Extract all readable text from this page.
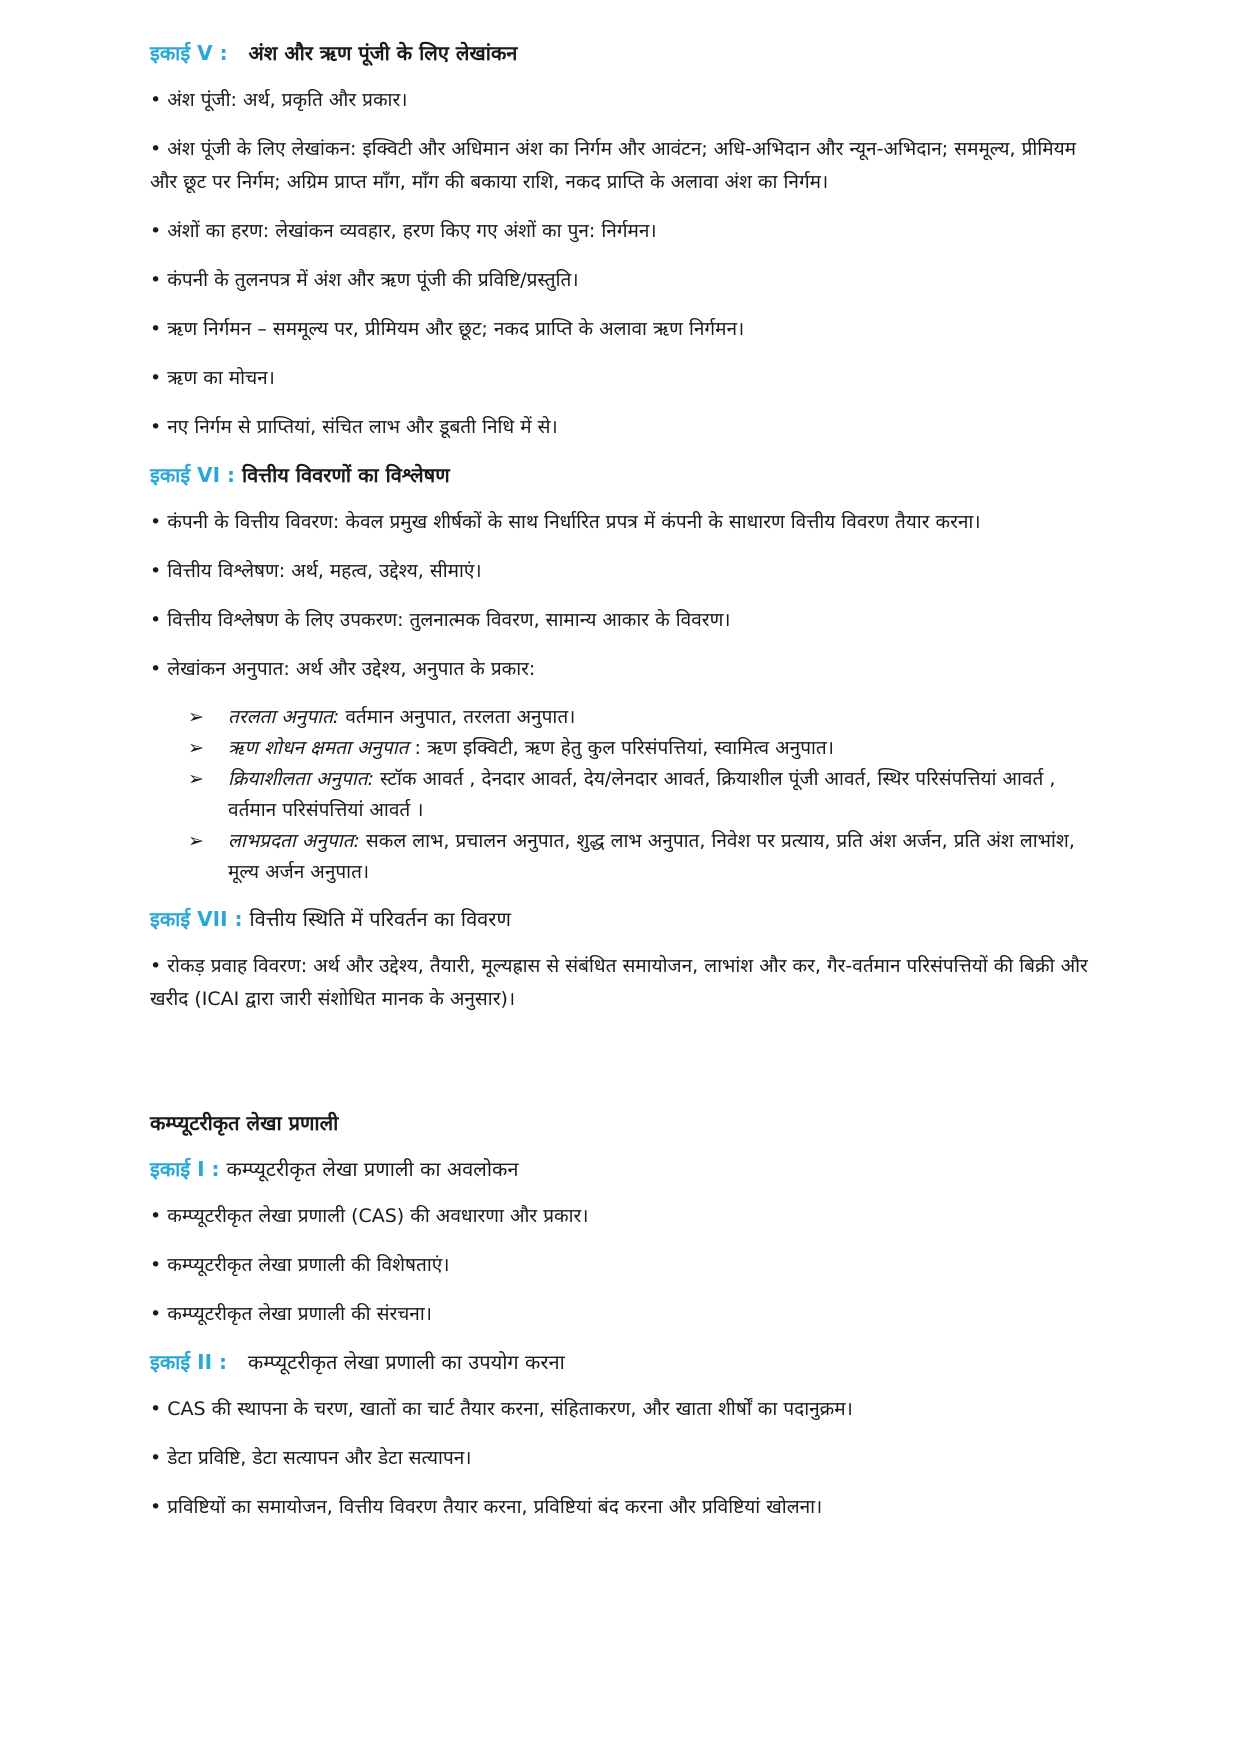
इकाई V : अंश और ऋण पूंजी के लिए लेखांकन

• अंश पूंजी: अर्थ, प्रकृति और प्रकार।

• अंश पूंजी के लिए लेखांकन: इक्विटी और अधिमान अंश का निर्गम और आवंटन; अधि-अभिदान और न्यून-अभिदान; सममूल्य, प्रीमियम और छूट पर निर्गम; अग्रिम प्राप्त माँग, माँग की बकाया राशि, नकद प्राप्ति के अलावा अंश का निर्गम।

• अंशों का हरण: लेखांकन व्यवहार, हरण किए गए अंशों का पुन: निर्गमन।

• कंपनी के तुलनपत्र में अंश और ऋण पूंजी की प्रविष्टि/प्रस्तुति।

• ऋण निर्गमन – सममूल्य पर, प्रीमियम और छूट; नकद प्राप्ति के अलावा ऋण निर्गमन।

• ऋण का मोचन।

• नए निर्गम से प्राप्तियां, संचित लाभ और डूबती निधि में से।

इकाई VI : वित्तीय विवरणों का विश्लेषण

• कंपनी के वित्तीय विवरण: केवल प्रमुख शीर्षकों के साथ निर्धारित प्रपत्र में कंपनी के साधारण वित्तीय विवरण तैयार करना।

• वित्तीय विश्लेषण: अर्थ, महत्व, उद्देश्य, सीमाएं।

• वित्तीय विश्लेषण के लिए उपकरण: तुलनात्मक विवरण, सामान्य आकार के विवरण।

• लेखांकन अनुपात: अर्थ और उद्देश्य, अनुपात के प्रकार:

➢ तरलता अनुपात: वर्तमान अनुपात, तरलता अनुपात।
➢ ऋण शोधन क्षमता अनुपात : ऋण इक्विटी, ऋण हेतु कुल परिसंपत्तियां, स्वामित्व अनुपात।
➢ क्रियाशीलता अनुपात: स्टॉक आवर्त , देनदार आवर्त, देय/लेनदार आवर्त, क्रियाशील पूंजी आवर्त, स्थिर परिसंपत्तियां आवर्त , वर्तमान परिसंपत्तियां आवर्त ।
➢ लाभप्रदता अनुपात: सकल लाभ, प्रचालन अनुपात, शुद्ध लाभ अनुपात, निवेश पर प्रत्याय, प्रति अंश अर्जन, प्रति अंश लाभांश, मूल्य अर्जन अनुपात।

इकाई VII : वित्तीय स्थिति में परिवर्तन का विवरण

• रोकड़ प्रवाह विवरण: अर्थ और उद्देश्य, तैयारी, मूल्यह्रास से संबंधित समायोजन, लाभांश और कर, गैर-वर्तमान परिसंपत्तियों की बिक्री और खरीद (ICAI द्वारा जारी संशोधित मानक के अनुसार)।

कम्प्यूटरीकृत लेखा प्रणाली

इकाई I : कम्प्यूटरीकृत लेखा प्रणाली का अवलोकन

• कम्प्यूटरीकृत लेखा प्रणाली (CAS) की अवधारणा और प्रकार।

• कम्प्यूटरीकृत लेखा प्रणाली की विशेषताएं।

• कम्प्यूटरीकृत लेखा प्रणाली की संरचना।

इकाई II : कम्प्यूटरीकृत लेखा प्रणाली का उपयोग करना

• CAS की स्थापना के चरण, खातों का चार्ट तैयार करना, संहिताकरण, और खाता शीर्षों का पदानुक्रम।

• डेटा प्रविष्टि, डेटा सत्यापन और डेटा सत्यापन।

• प्रविष्टियों का समायोजन, वित्तीय विवरण तैयार करना, प्रविष्टियां बंद करना और प्रविष्टियां खोलना।
